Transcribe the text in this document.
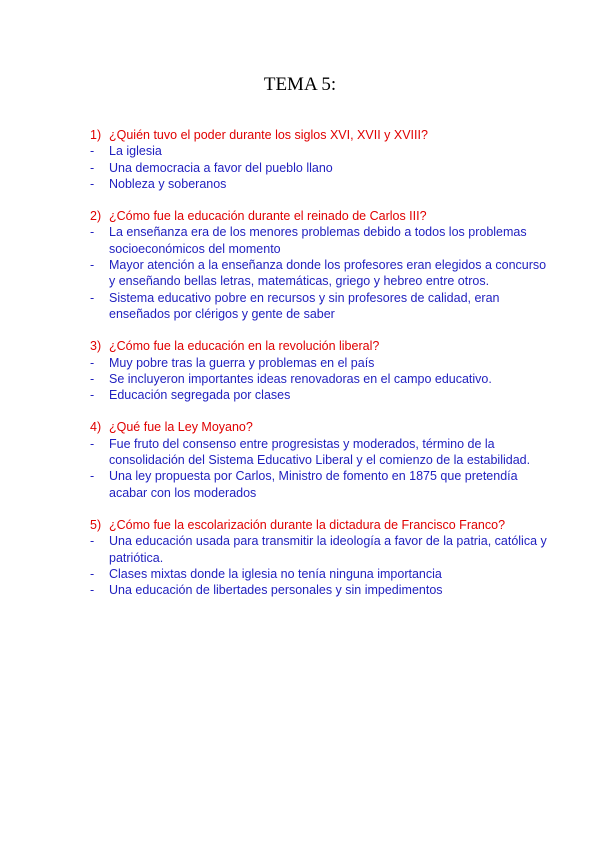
TEMA 5:
1) ¿Quién tuvo el poder durante los siglos XVI, XVII y XVIII?
-	La iglesia
-	Una democracia a favor del pueblo llano
-	Nobleza y soberanos
2) ¿Cómo fue la educación durante el reinado de Carlos III?
-	La enseñanza era de los menores problemas debido a todos los problemas socioeconómicos del momento
-	Mayor atención a la enseñanza donde los profesores eran elegidos a concurso y enseñando bellas letras, matemáticas, griego y hebreo entre otros.
-	Sistema educativo pobre en recursos y sin profesores de calidad, eran enseñados por clérigos y gente de saber
3) ¿Cómo fue la educación en la revolución liberal?
-	Muy pobre tras la guerra y problemas en el país
-	Se incluyeron importantes ideas renovadoras en el campo educativo.
-	Educación segregada por clases
4) ¿Qué fue la Ley Moyano?
-	Fue fruto del consenso entre progresistas y moderados, término de la consolidación del Sistema Educativo Liberal y el comienzo de la estabilidad.
-	Una ley propuesta por Carlos, Ministro de fomento en 1875 que pretendía acabar con los moderados
5) ¿Cómo fue la escolarización durante la dictadura de Francisco Franco?
-	Una educación usada para transmitir la ideología a favor de la patria, católica y patriótica.
-	Clases mixtas donde la iglesia no tenía ninguna importancia
-	Una educación de libertades personales y sin impedimentos
